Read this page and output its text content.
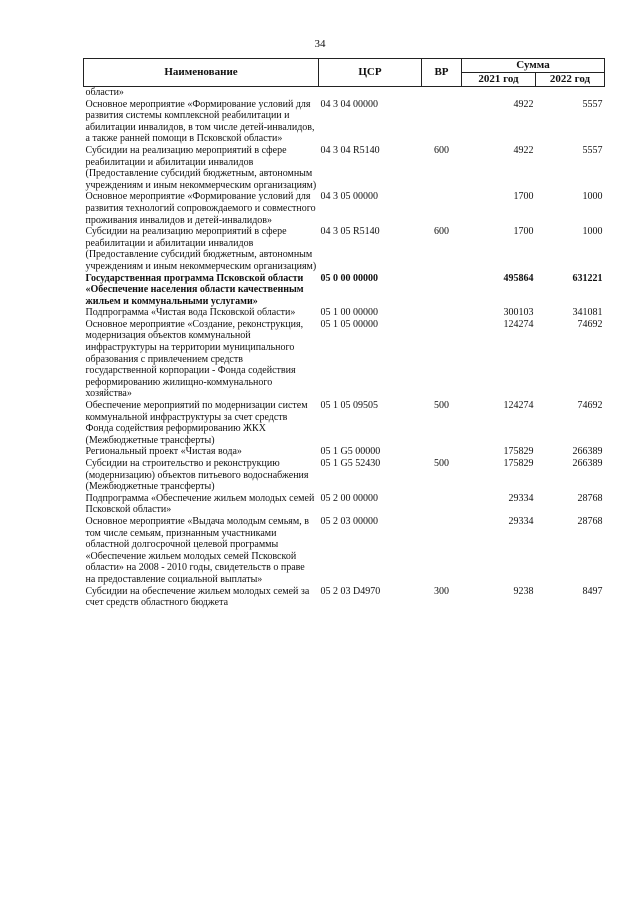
34
Наименование	ЦСР	ВР	Сумма	
			2021 год	2022 год
области»				
Основное мероприятие «Формирование условий для развития системы комплексной реабилитации и абилитации инвалидов, в том числе детей-инвалидов, а также ранней помощи в Псковской области»	04 3 04 00000		4922	5557
Субсидии на реализацию мероприятий в сфере реабилитации и абилитации инвалидов (Предоставление субсидий бюджетным, автономным учреждениям и иным некоммерческим организациям)	04 3 04 R5140	600	4922	5557
Основное мероприятие «Формирование условий для развития технологий сопровождаемого и совместного проживания инвалидов и детей-инвалидов»	04 3 05 00000		1700	1000
Субсидии на реализацию мероприятий в сфере реабилитации и абилитации инвалидов (Предоставление субсидий бюджетным, автономным учреждениям и иным некоммерческим организациям)	04 3 05 R5140	600	1700	1000
Государственная программа Псковской области «Обеспечение населения области качественным жильем и коммунальными услугами»	05 0 00 00000		495864	631221
Подпрограмма «Чистая вода Псковской области»	05 1 00 00000		300103	341081
Основное мероприятие «Создание, реконструкция, модернизация объектов коммунальной инфраструктуры на территории муниципального образования с привлечением средств государственной корпорации - Фонда содействия реформированию жилищно-коммунального хозяйства»	05 1 05 00000		124274	74692
Обеспечение мероприятий по модернизации систем коммунальной инфраструктуры за счет средств Фонда содействия реформированию ЖКХ (Межбюджетные трансферты)	05 1 05 09505	500	124274	74692
Региональный проект «Чистая вода»	05 1 G5 00000		175829	266389
Субсидии на строительство и реконструкцию (модернизацию) объектов питьевого водоснабжения (Межбюджетные трансферты)	05 1 G5 52430	500	175829	266389
Подпрограмма «Обеспечение жильем молодых семей Псковской области»	05 2 00 00000		29334	28768
Основное мероприятие «Выдача молодым семьям, в том числе семьям, признанным участниками областной долгосрочной целевой программы «Обеспечение жильем молодых семей Псковской области» на 2008 - 2010 годы, свидетельств о праве на предоставление социальной выплаты»	05 2 03 00000		29334	28768
Субсидии на обеспечение жильем молодых семей за счет средств областного бюджета	05 2 03 D4970	300	9238	8497
